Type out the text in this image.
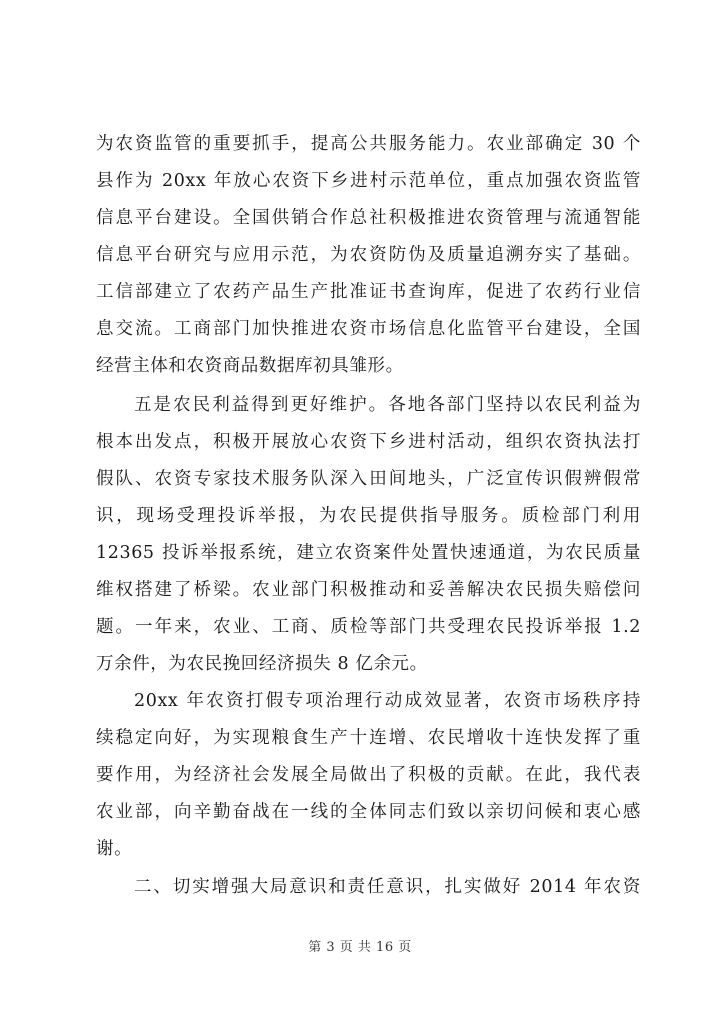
为农资监管的重要抓手，提高公共服务能力。农业部确定 30 个
县作为 20xx 年放心农资下乡进村示范单位，重点加强农资监管
信息平台建设。全国供销合作总社积极推进农资管理与流通智能
信息平台研究与应用示范，为农资防伪及质量追溯夯实了基础。
工信部建立了农药产品生产批准证书查询库，促进了农药行业信
息交流。工商部门加快推进农资市场信息化监管平台建设，全国
经营主体和农资商品数据库初具雏形。
五是农民利益得到更好维护。各地各部门坚持以农民利益为
根本出发点，积极开展放心农资下乡进村活动，组织农资执法打
假队、农资专家技术服务队深入田间地头，广泛宣传识假辨假常
识，现场受理投诉举报，为农民提供指导服务。质检部门利用
12365 投诉举报系统，建立农资案件处置快速通道，为农民质量
维权搭建了桥梁。农业部门积极推动和妥善解决农民损失赔偿问
题。一年来，农业、工商、质检等部门共受理农民投诉举报 1.2
万余件，为农民挽回经济损失 8 亿余元。
20xx 年农资打假专项治理行动成效显著，农资市场秩序持
续稳定向好，为实现粮食生产十连增、农民增收十连快发挥了重
要作用，为经济社会发展全局做出了积极的贡献。在此，我代表
农业部，向辛勤奋战在一线的全体同志们致以亲切问候和衷心感
谢。
二、切实增强大局意识和责任意识，扎实做好 2014 年农资
第 3 页 共 16 页
